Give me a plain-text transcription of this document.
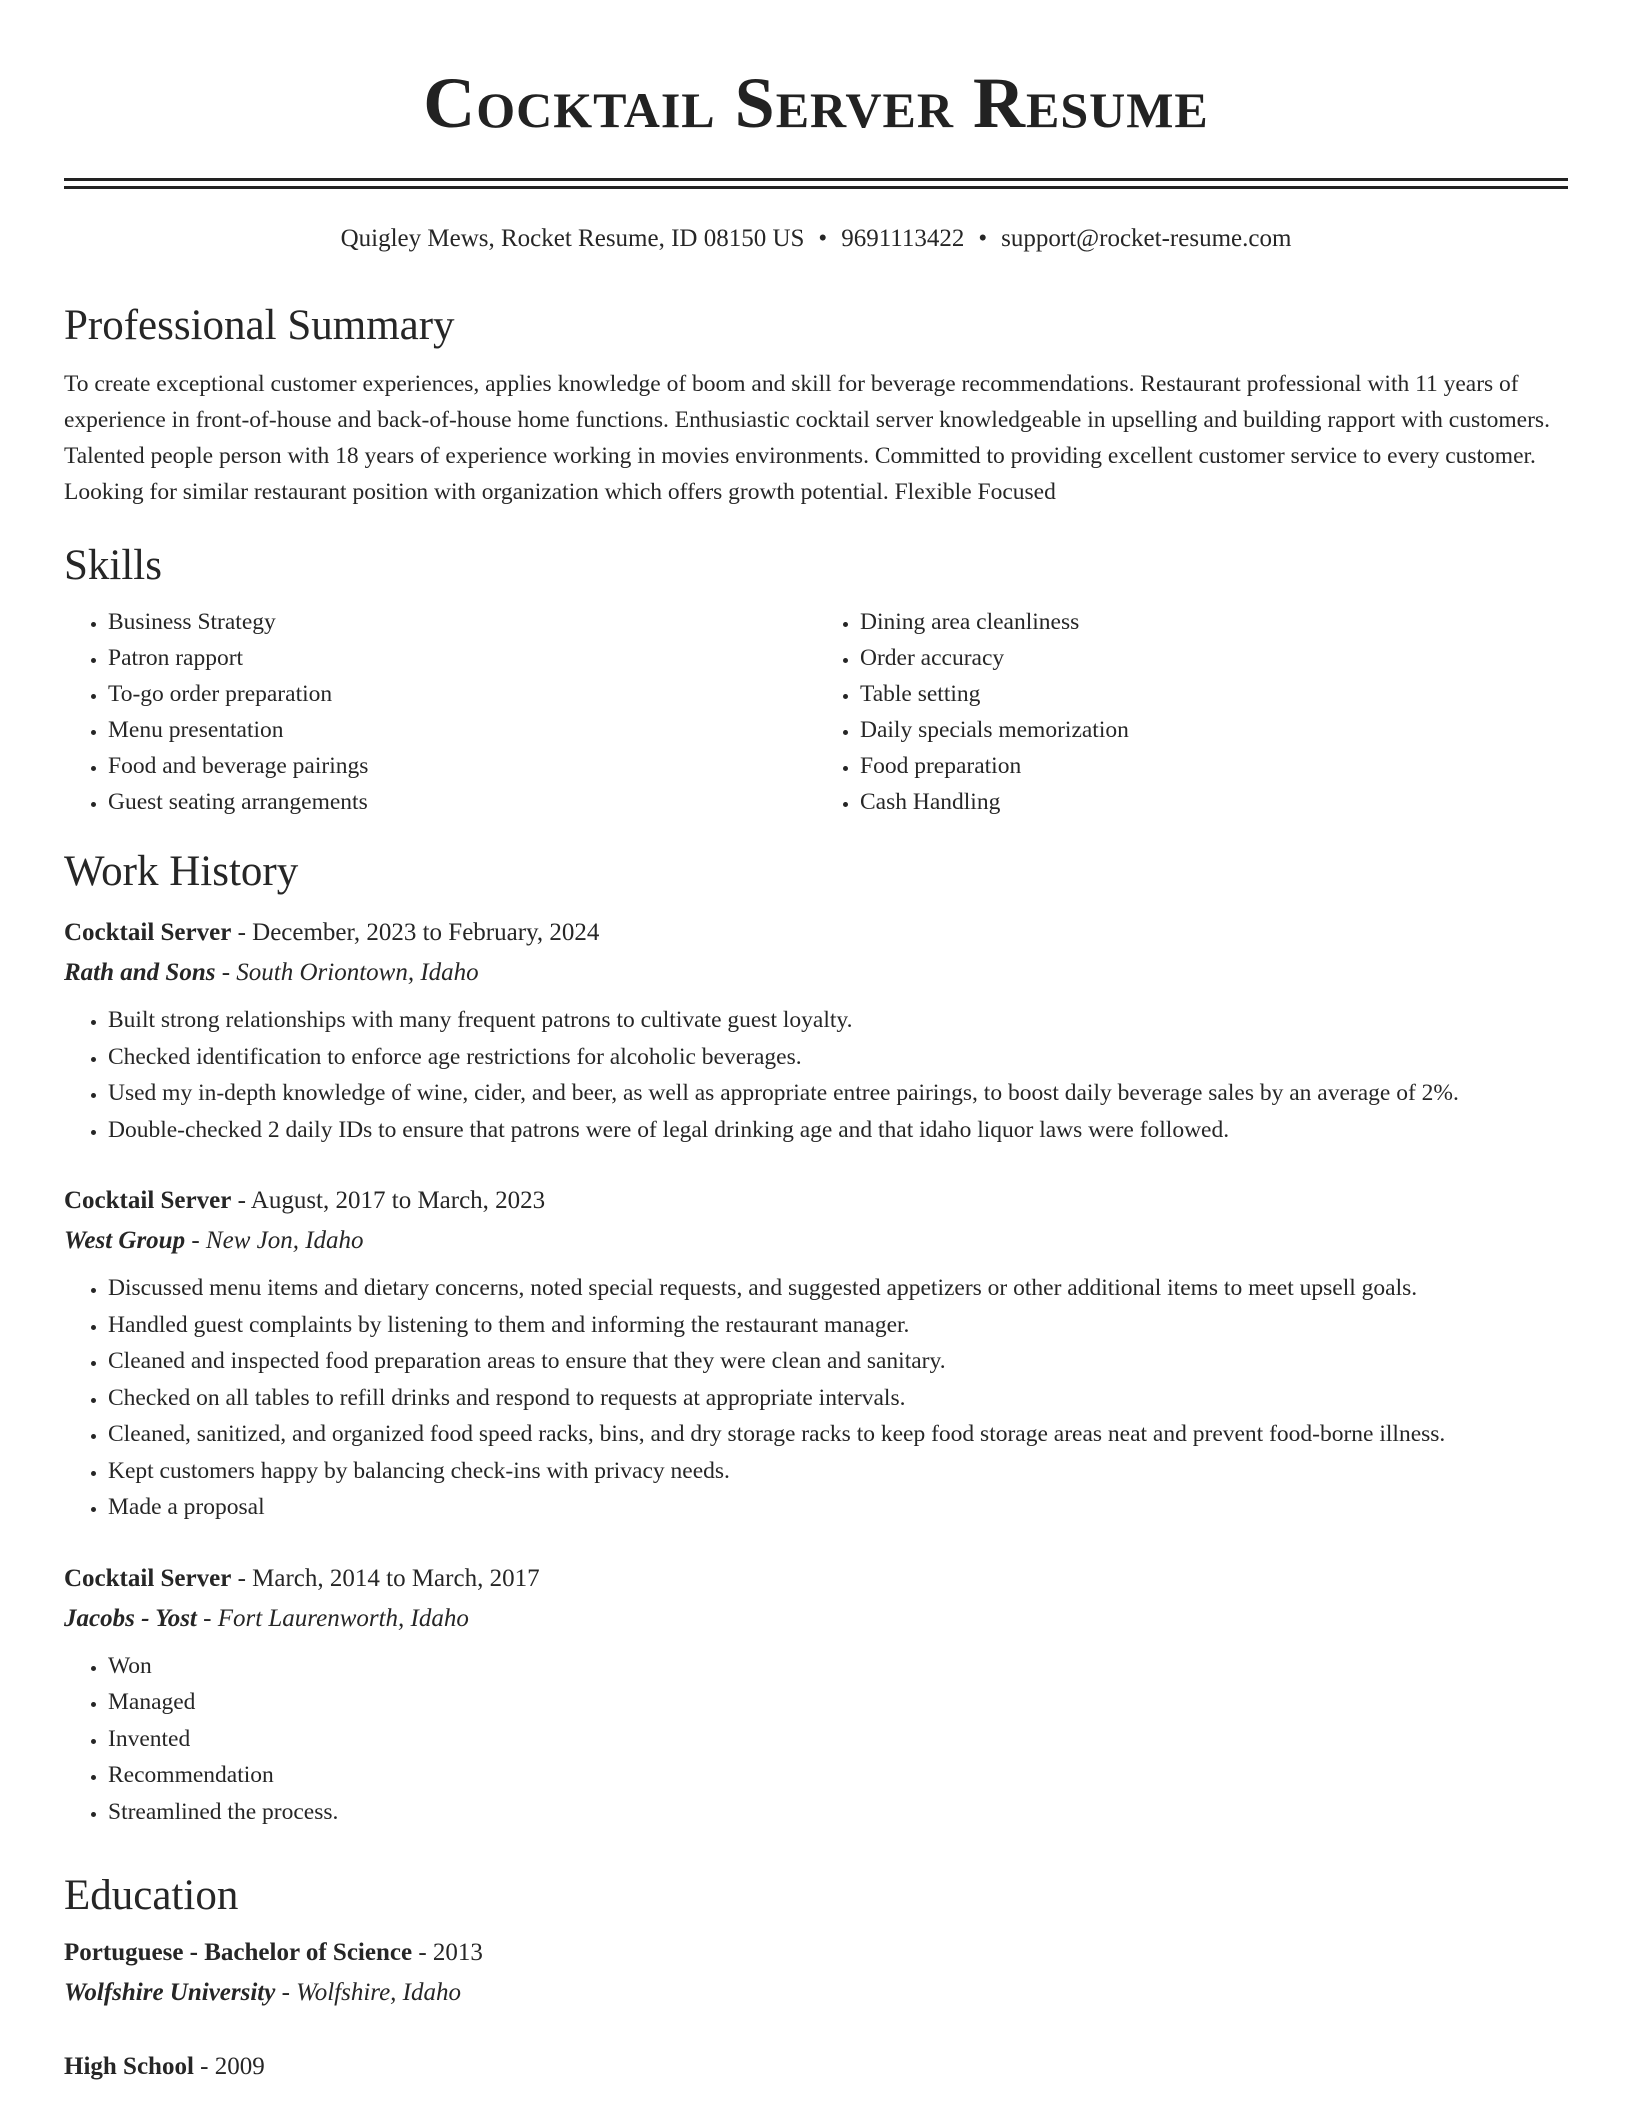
Cocktail Server Resume
Quigley Mews, Rocket Resume, ID 08150 US • 9691113422 • support@rocket-resume.com
Professional Summary

To create exceptional customer experiences, applies knowledge of boom and skill for beverage recommendations. Restaurant professional with 11 years of experience in front-of-house and back-of-house home functions. Enthusiastic cocktail server knowledgeable in upselling and building rapport with customers. Talented people person with 18 years of experience working in movies environments. Committed to providing excellent customer service to every customer. Looking for similar restaurant position with organization which offers growth potential. Flexible Focused

Skills
• Business Strategy
• Patron rapport
• To-go order preparation
• Menu presentation
• Food and beverage pairings
• Guest seating arrangements
• Dining area cleanliness
• Order accuracy
• Table setting
• Daily specials memorization
• Food preparation
• Cash Handling
Work History
Cocktail Server - December, 2023 to February, 2024
Rath and Sons - South Oriontown, Idaho
• Built strong relationships with many frequent patrons to cultivate guest loyalty.
• Checked identification to enforce age restrictions for alcoholic beverages.
• Used my in-depth knowledge of wine, cider, and beer, as well as appropriate entree pairings, to boost daily beverage sales by an average of 2%.
• Double-checked 2 daily IDs to ensure that patrons were of legal drinking age and that idaho liquor laws were followed.
Cocktail Server - August, 2017 to March, 2023
West Group - New Jon, Idaho
• Discussed menu items and dietary concerns, noted special requests, and suggested appetizers or other additional items to meet upsell goals.
• Handled guest complaints by listening to them and informing the restaurant manager.
• Cleaned and inspected food preparation areas to ensure that they were clean and sanitary.
• Checked on all tables to refill drinks and respond to requests at appropriate intervals.
• Cleaned, sanitized, and organized food speed racks, bins, and dry storage racks to keep food storage areas neat and prevent food-borne illness.
• Kept customers happy by balancing check-ins with privacy needs.
• Made a proposal
Cocktail Server - March, 2014 to March, 2017
Jacobs - Yost - Fort Laurenworth, Idaho
• Won
• Managed
• Invented
• Recommendation
• Streamlined the process.
Education
Portuguese - Bachelor of Science - 2013
Wolfshire University - Wolfshire, Idaho
High School - 2009
